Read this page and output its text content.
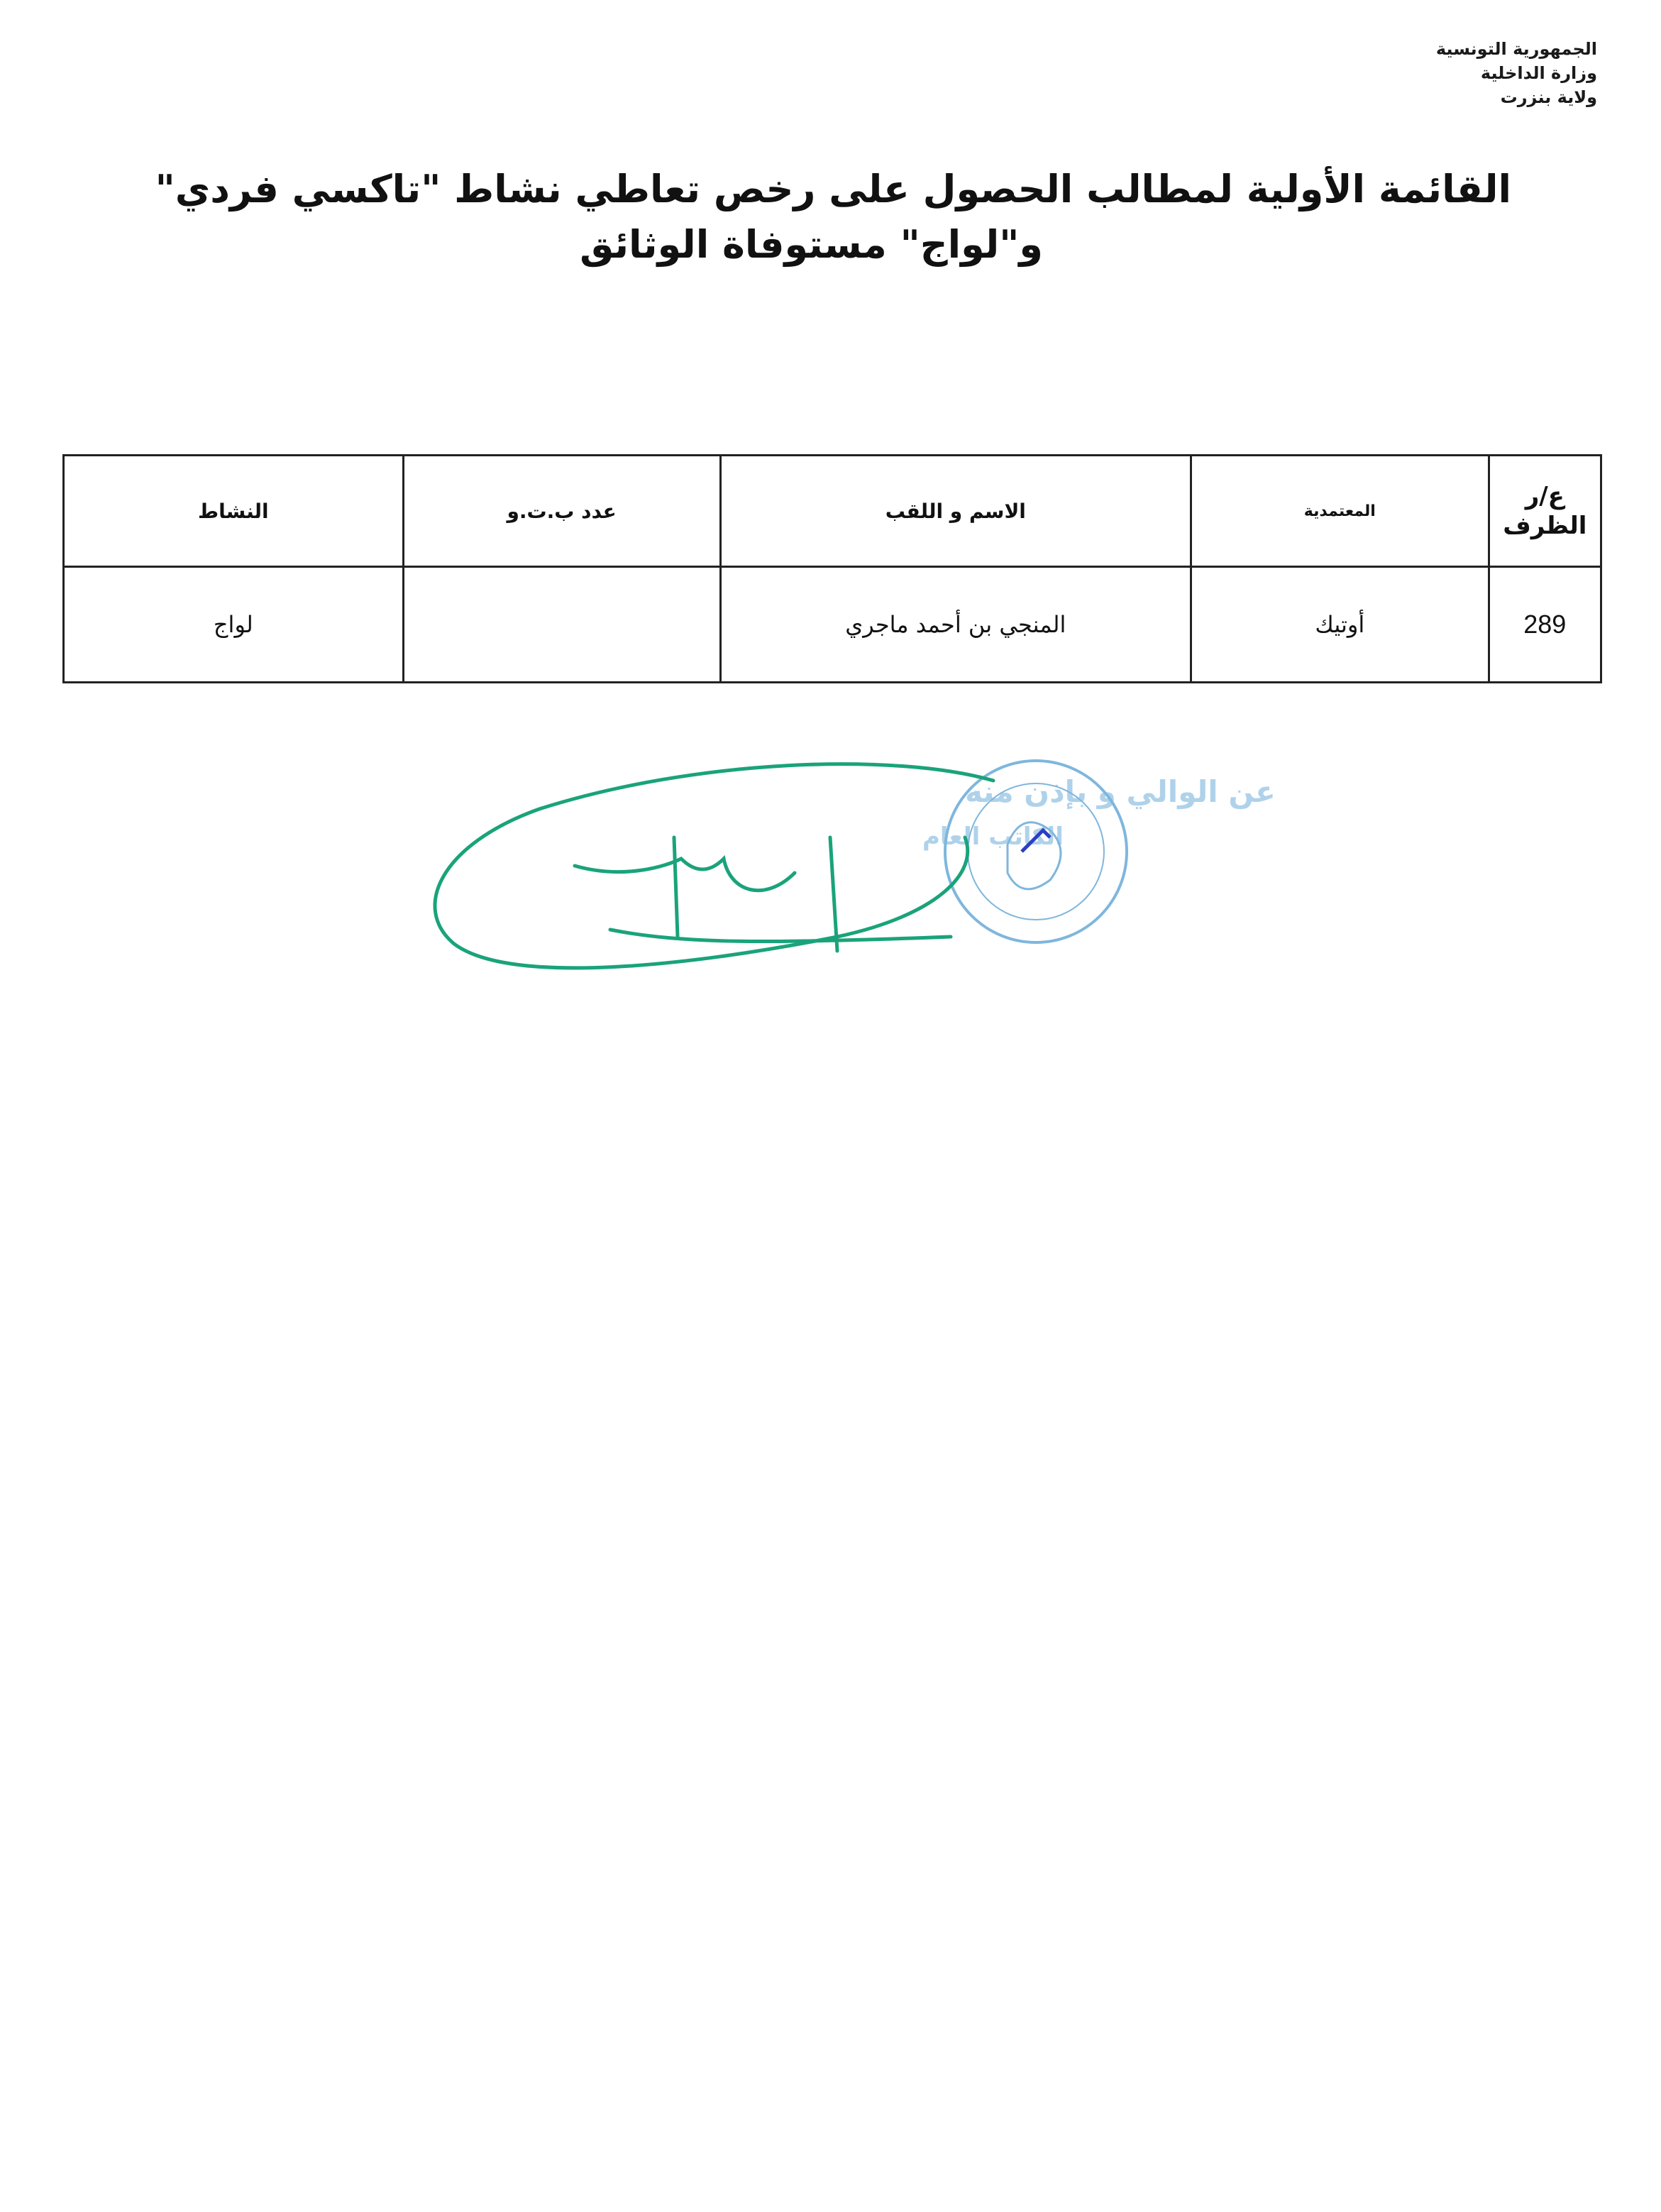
الجمهورية التونسية
وزارة الداخلية
ولاية بنزرت
القائمة الأولية لمطالب الحصول على رخص تعاطي نشاط "تاكسي فردي"
و"لواج" مستوفاة الوثائق
ع/ر الظرف	المعتمدية	الاسم و اللقب	عدد ب.ت.و	النشاط
289	أوتيك	المنجي بن أحمد ماجري		لواج
عن الوالي و بإذن منه
الكاتب العام
